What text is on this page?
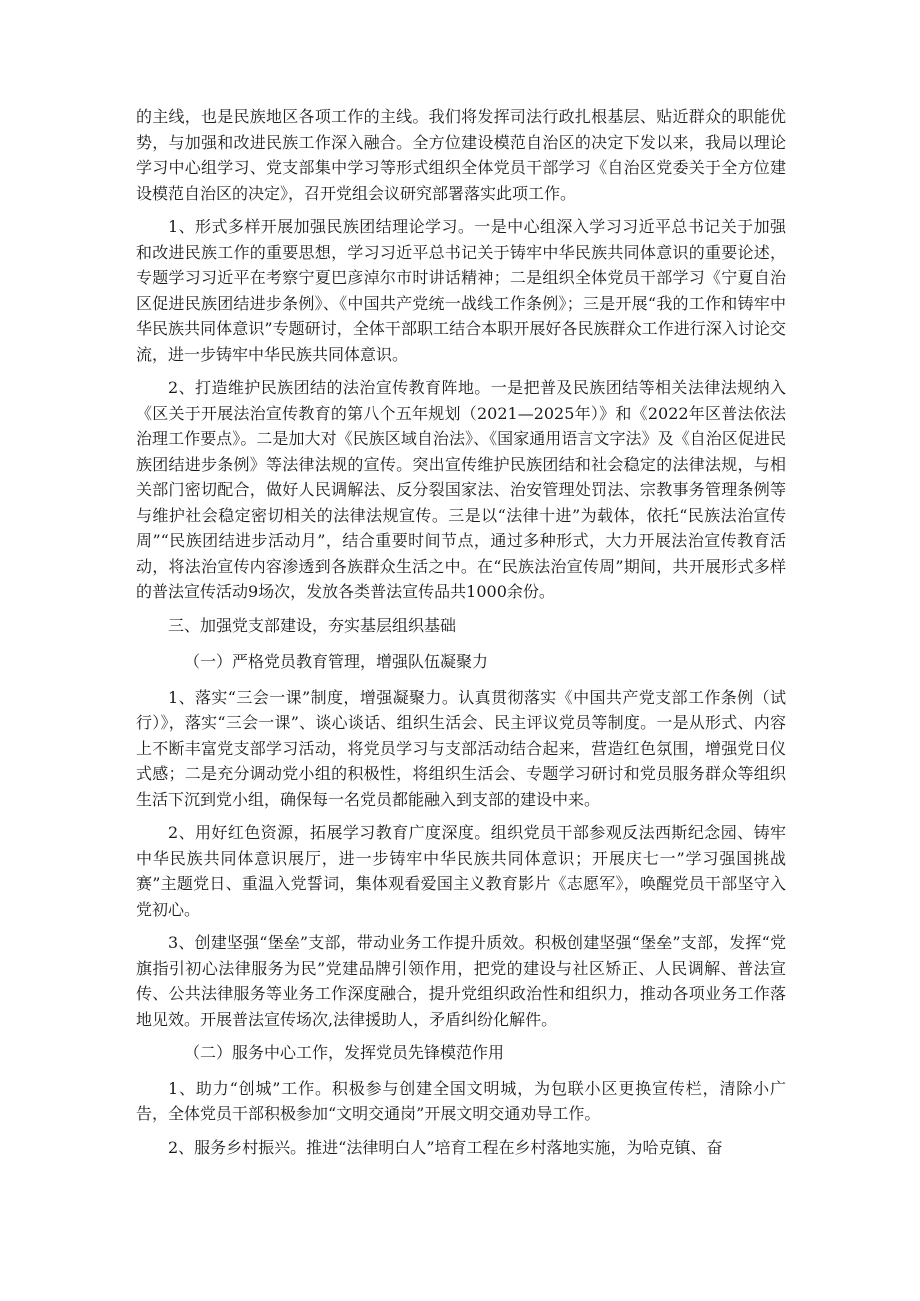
的主线，也是民族地区各项工作的主线。我们将发挥司法行政扎根基层、贴近群众的职能优势，与加强和改进民族工作深入融合。全方位建设模范自治区的决定下发以来，我局以理论学习中心组学习、党支部集中学习等形式组织全体党员干部学习《自治区党委关于全方位建设模范自治区的决定》，召开党组会议研究部署落实此项工作。

1、形式多样开展加强民族团结理论学习。一是中心组深入学习习近平总书记关于加强和改进民族工作的重要思想，学习习近平总书记关于铸牢中华民族共同体意识的重要论述，专题学习习近平在考察宁夏巴彦淖尔市时讲话精神；二是组织全体党员干部学习《宁夏自治区促进民族团结进步条例》、《中国共产党统一战线工作条例》；三是开展“我的工作和铸牢中华民族共同体意识”专题研讨，全体干部职工结合本职开展好各民族群众工作进行深入讨论交流，进一步铸牢中华民族共同体意识。

2、打造维护民族团结的法治宣传教育阵地。一是把普及民族团结等相关法律法规纳入《区关于开展法治宣传教育的第八个五年规划（2021—2025年）》和《2022年区普法依法治理工作要点》。二是加大对《民族区域自治法》、《国家通用语言文字法》及《自治区促进民族团结进步条例》等法律法规的宣传。突出宣传维护民族团结和社会稳定的法律法规，与相关部门密切配合，做好人民调解法、反分裂国家法、治安管理处罚法、宗教事务管理条例等与维护社会稳定密切相关的法律法规宣传。三是以“法律十进”为载体，依托“民族法治宣传周”“民族团结进步活动月”，结合重要时间节点，通过多种形式，大力开展法治宣传教育活动，将法治宣传内容渗透到各族群众生活之中。在“民族法治宣传周”期间，共开展形式多样的普法宣传活动9场次，发放各类普法宣传品共1000余份。

三、加强党支部建设，夯实基层组织基础

（一）严格党员教育管理，增强队伍凝聚力

1、落实“三会一课”制度，增强凝聚力。认真贯彻落实《中国共产党支部工作条例（试行）》，落实“三会一课”、谈心谈话、组织生活会、民主评议党员等制度。一是从形式、内容上不断丰富党支部学习活动，将党员学习与支部活动结合起来，营造红色氛围，增强党日仪式感；二是充分调动党小组的积极性，将组织生活会、专题学习研讨和党员服务群众等组织生活下沉到党小组，确保每一名党员都能融入到支部的建设中来。

2、用好红色资源，拓展学习教育广度深度。组织党员干部参观反法西斯纪念园、铸牢中华民族共同体意识展厅，进一步铸牢中华民族共同体意识；开展庆七一”学习强国挑战赛”主题党日、重温入党誓词，集体观看爱国主义教育影片《志愿军》，唤醒党员干部坚守入党初心。

3、创建坚强“堡垒”支部，带动业务工作提升质效。积极创建坚强“堡垒”支部，发挥“党旗指引初心法律服务为民”党建品牌引领作用，把党的建设与社区矫正、人民调解、普法宣传、公共法律服务等业务工作深度融合，提升党组织政治性和组织力，推动各项业务工作落地见效。开展普法宣传场次,法律援助人，矛盾纠纷化解件。

（二）服务中心工作，发挥党员先锋模范作用

1、助力“创城”工作。积极参与创建全国文明城，为包联小区更换宣传栏，清除小广告，全体党员干部积极参加“文明交通岗”开展文明交通劝导工作。

2、服务乡村振兴。推进“法律明白人”培育工程在乡村落地实施，为哈克镇、奋
